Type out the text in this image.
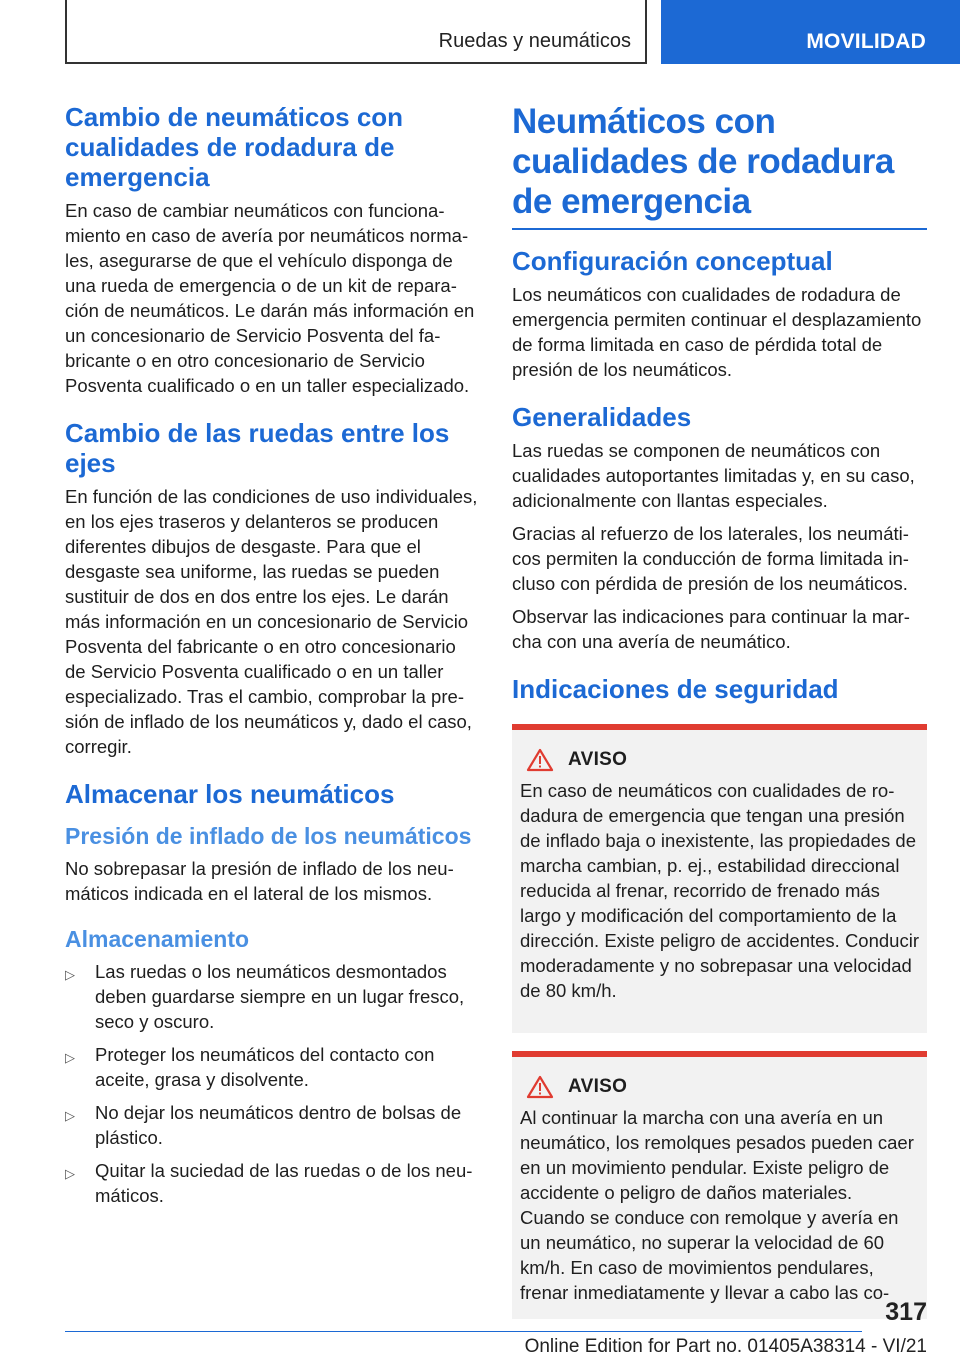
Ruedas y neumáticos	MOVILIDAD
Cambio de neumáticos con cualidades de rodadura de emergencia

En caso de cambiar neumáticos con funcionamiento en caso de avería por neumáticos normales, asegurarse de que el vehículo disponga de una rueda de emergencia o de un kit de reparación de neumáticos. Le darán más información en un concesionario de Servicio Posventa del fabricante o en otro concesionario de Servicio Posventa cualificado o en un taller especializado.

Cambio de las ruedas entre los ejes

En función de las condiciones de uso individuales, en los ejes traseros y delanteros se producen diferentes dibujos de desgaste. Para que el desgaste sea uniforme, las ruedas se pueden sustituir de dos en dos entre los ejes. Le darán más información en un concesionario de Servicio Posventa del fabricante o en otro concesionario de Servicio Posventa cualificado o en un taller especializado. Tras el cambio, comprobar la presión de inflado de los neumáticos y, dado el caso, corregir.

Almacenar los neumáticos
Presión de inflado de los neumáticos

No sobrepasar la presión de inflado de los neumáticos indicada en el lateral de los mismos.

Almacenamiento
▷ Las ruedas o los neumáticos desmontados deben guardarse siempre en un lugar fresco, seco y oscuro.
▷ Proteger los neumáticos del contacto con aceite, grasa y disolvente.
▷ No dejar los neumáticos dentro de bolsas de plástico.
▷ Quitar la suciedad de las ruedas o de los neumáticos.
Neumáticos con cualidades de rodadura de emergencia
Configuración conceptual

Los neumáticos con cualidades de rodadura de emergencia permiten continuar el desplazamiento de forma limitada en caso de pérdida total de presión de los neumáticos.

Generalidades

Las ruedas se componen de neumáticos con cualidades autoportantes limitadas y, en su caso, adicionalmente con llantas especiales.

Gracias al refuerzo de los laterales, los neumáticos permiten la conducción de forma limitada incluso con pérdida de presión de los neumáticos.

Observar las indicaciones para continuar la marcha con una avería de neumático.

Indicaciones de seguridad
AVISO

En caso de neumáticos con cualidades de rodadura de emergencia que tengan una presión de inflado baja o inexistente, las propiedades de marcha cambian, p. ej., estabilidad direccional reducida al frenar, recorrido de frenado más largo y modificación del comportamiento de la dirección. Existe peligro de accidentes. Conducir moderadamente y no sobrepasar una velocidad de 80 km/h.

AVISO

Al continuar la marcha con una avería en un neumático, los remolques pesados pueden caer en un movimiento pendular. Existe peligro de accidente o peligro de daños materiales. Cuando se conduce con remolque y avería en un neumático, no superar la velocidad de 60 km/h. En caso de movimientos pendulares, frenar inmediatamente y llevar a cabo las co-

317
Online Edition for Part no. 01405A38314 - VI/21
